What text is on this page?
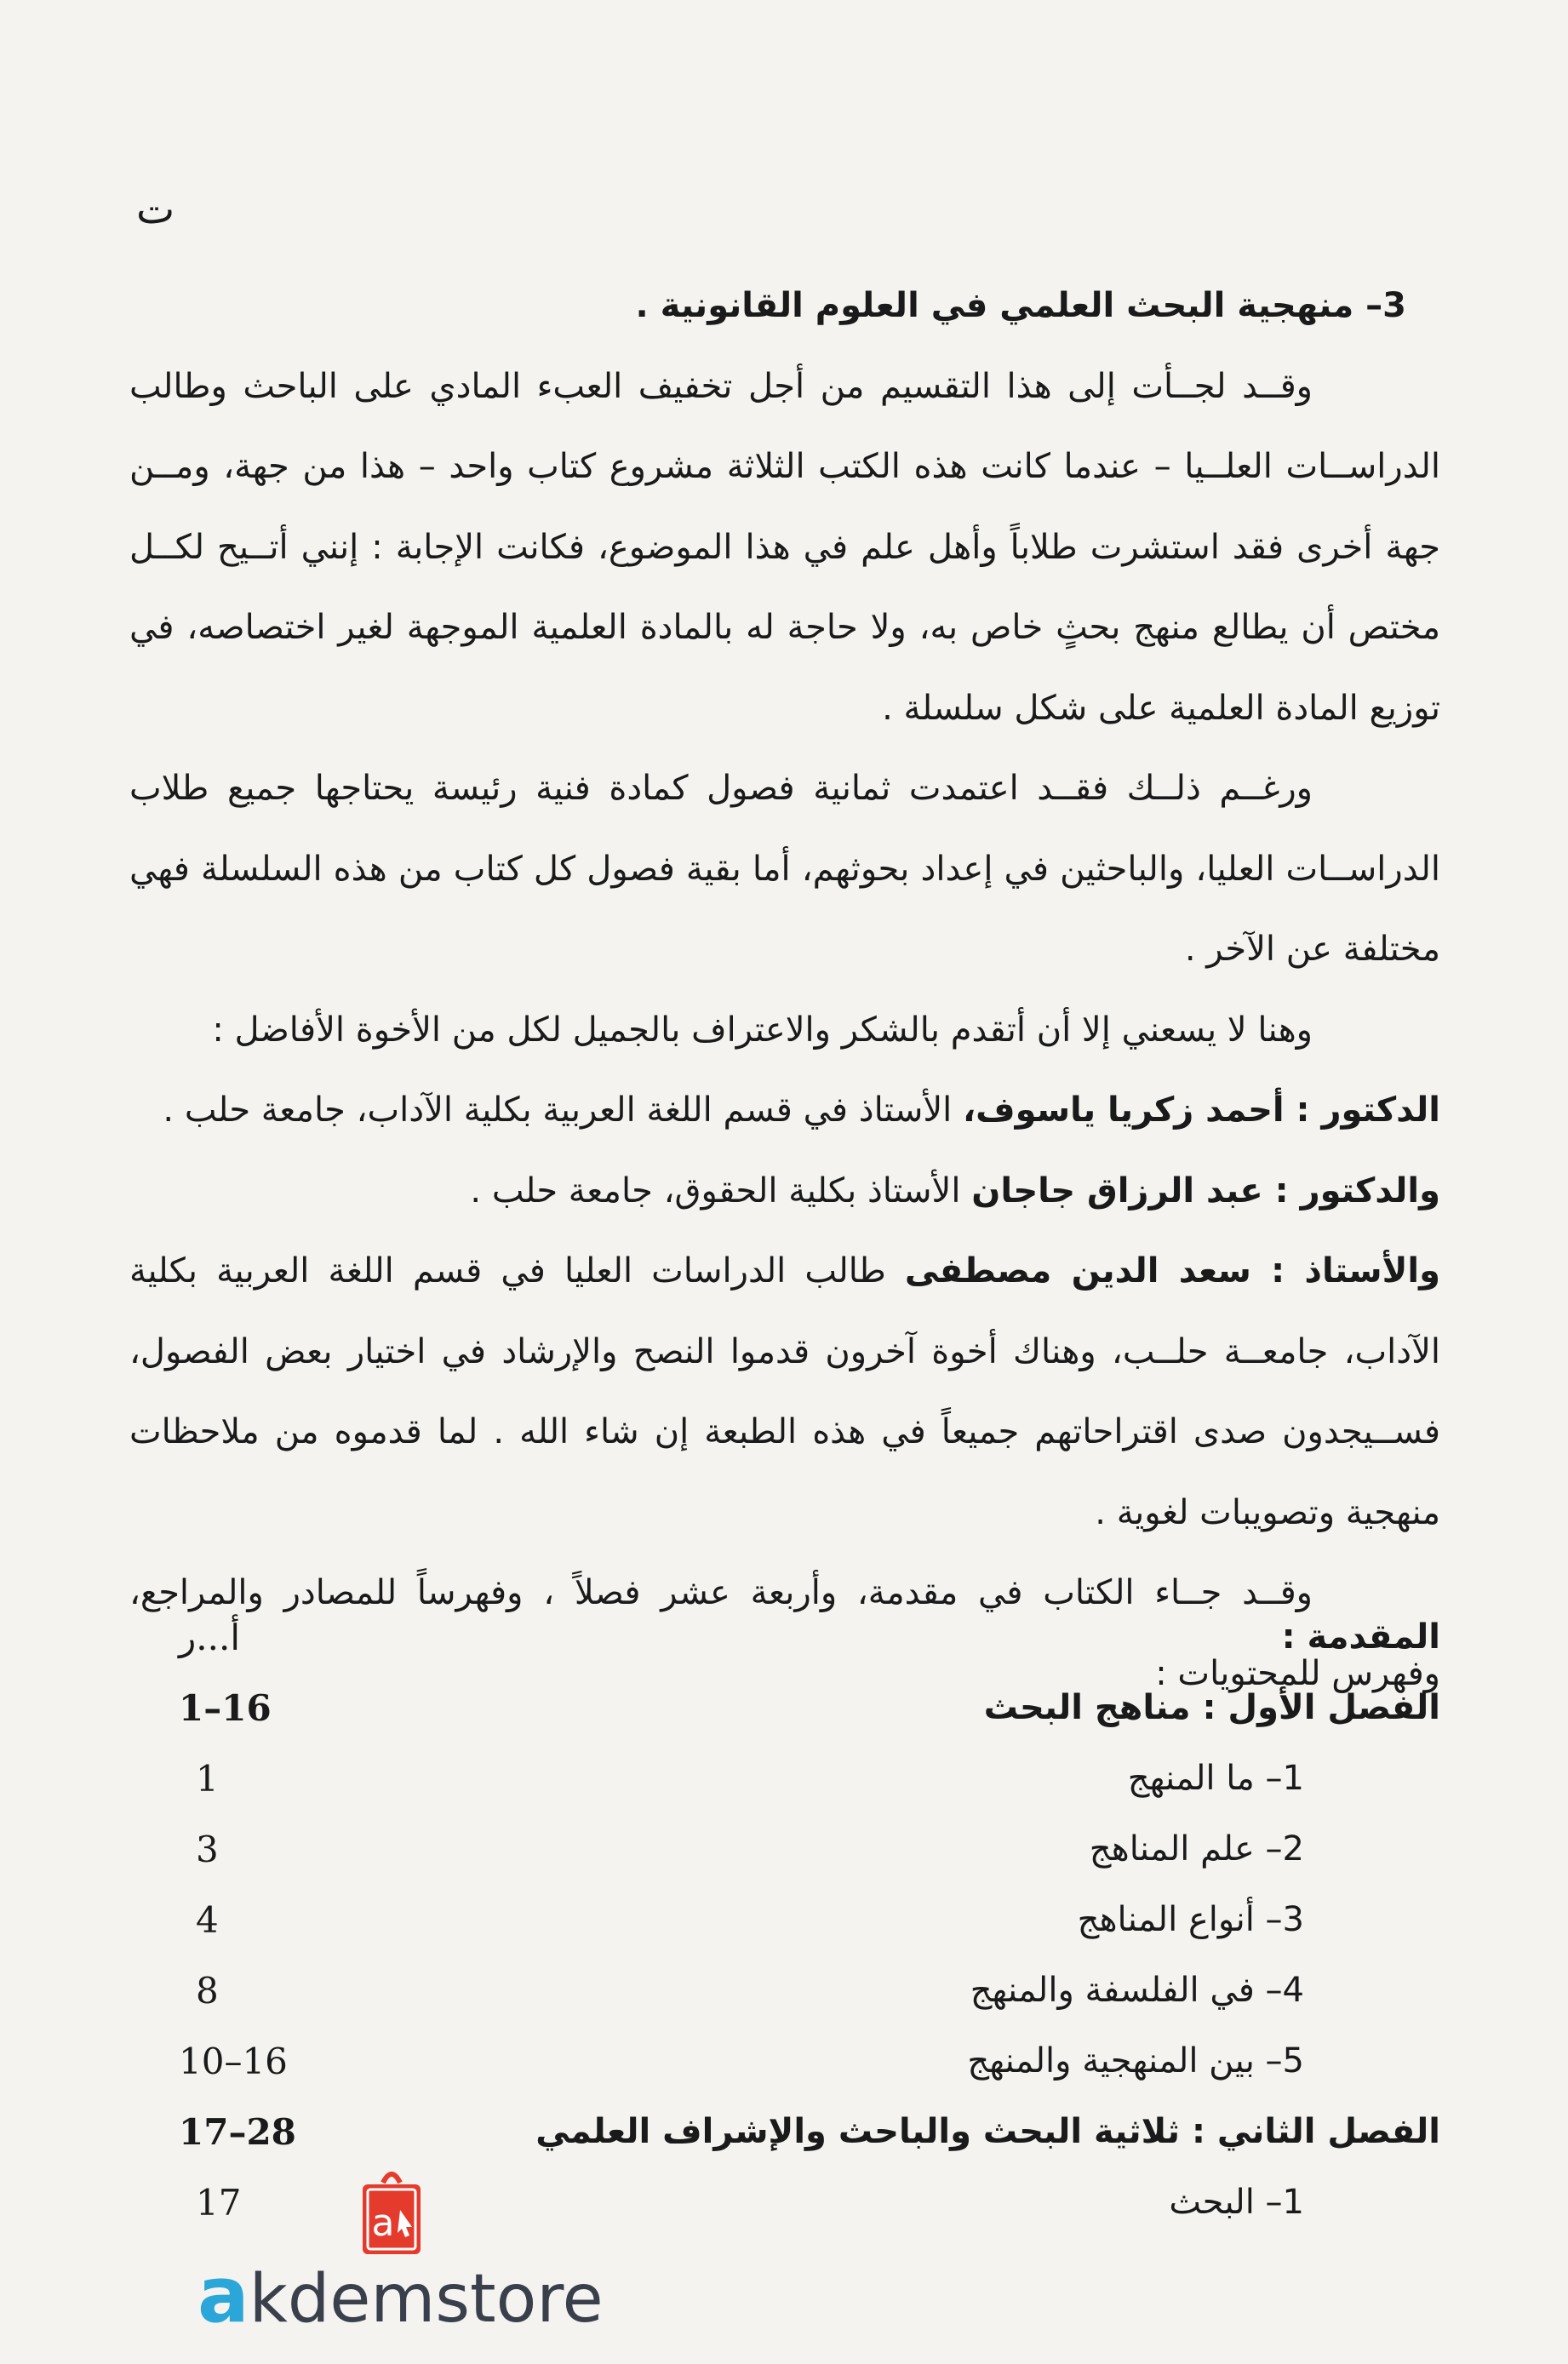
ت

3– منهجية البحث العلمي في العلوم القانونية .

وقــد لجــأت إلى هذا التقسيم من أجل تخفيف العبء المادي على الباحث وطالب الدراســات العلــيا – عندما كانت هذه الكتب الثلاثة مشروع كتاب واحد – هذا من جهة، ومــن جهة أخرى فقد استشرت طلاباً وأهل علم في هذا الموضوع، فكانت الإجابة : إنني أتــيح لكــل مختص أن يطالع منهج بحثٍ خاص به، ولا حاجة له بالمادة العلمية الموجهة لغير اختصاصه، في توزيع المادة العلمية على شكل سلسلة .

ورغــم ذلــك فقــد اعتمدت ثمانية فصول كمادة فنية رئيسة يحتاجها جميع طلاب الدراســات العليا، والباحثين في إعداد بحوثهم، أما بقية فصول كل كتاب من هذه السلسلة فهي مختلفة عن الآخر .

وهنا لا يسعني إلا أن أتقدم بالشكر والاعتراف بالجميل لكل من الأخوة الأفاضل :

الدكتور : أحمد زكريا ياسوف، الأستاذ في قسم اللغة العربية بكلية الآداب، جامعة حلب .

والدكتور : عبد الرزاق جاجان الأستاذ بكلية الحقوق، جامعة حلب .

والأستاذ : سعد الدين مصطفى طالب الدراسات العليا في قسم اللغة العربية بكلية الآداب، جامعــة حلــب، وهناك أخوة آخرون قدموا النصح والإرشاد في اختيار بعض الفصول، فســيجدون صدى اقتراحاتهم جميعاً في هذه الطبعة إن شاء الله . لما قدموه من ملاحظات منهجية وتصويبات لغوية .

وقــد جــاء الكتاب في مقدمة، وأربعة عشر فصلاً ، وفهرساً للمصادر والمراجع، وفهرس للمحتويات :

المقدمة :
أ...ر
الفصل الأول : مناهج البحث
1–16
1– ما المنهج
1
2– علم المناهج
3
3– أنواع المناهج
4
4– في الفلسفة والمنهج
8
5– بين المنهجية والمنهج
10–16
الفصل الثاني : ثلاثية البحث والباحث والإشراف العلمي
17–28
1– البحث
17	a
akdemstore
